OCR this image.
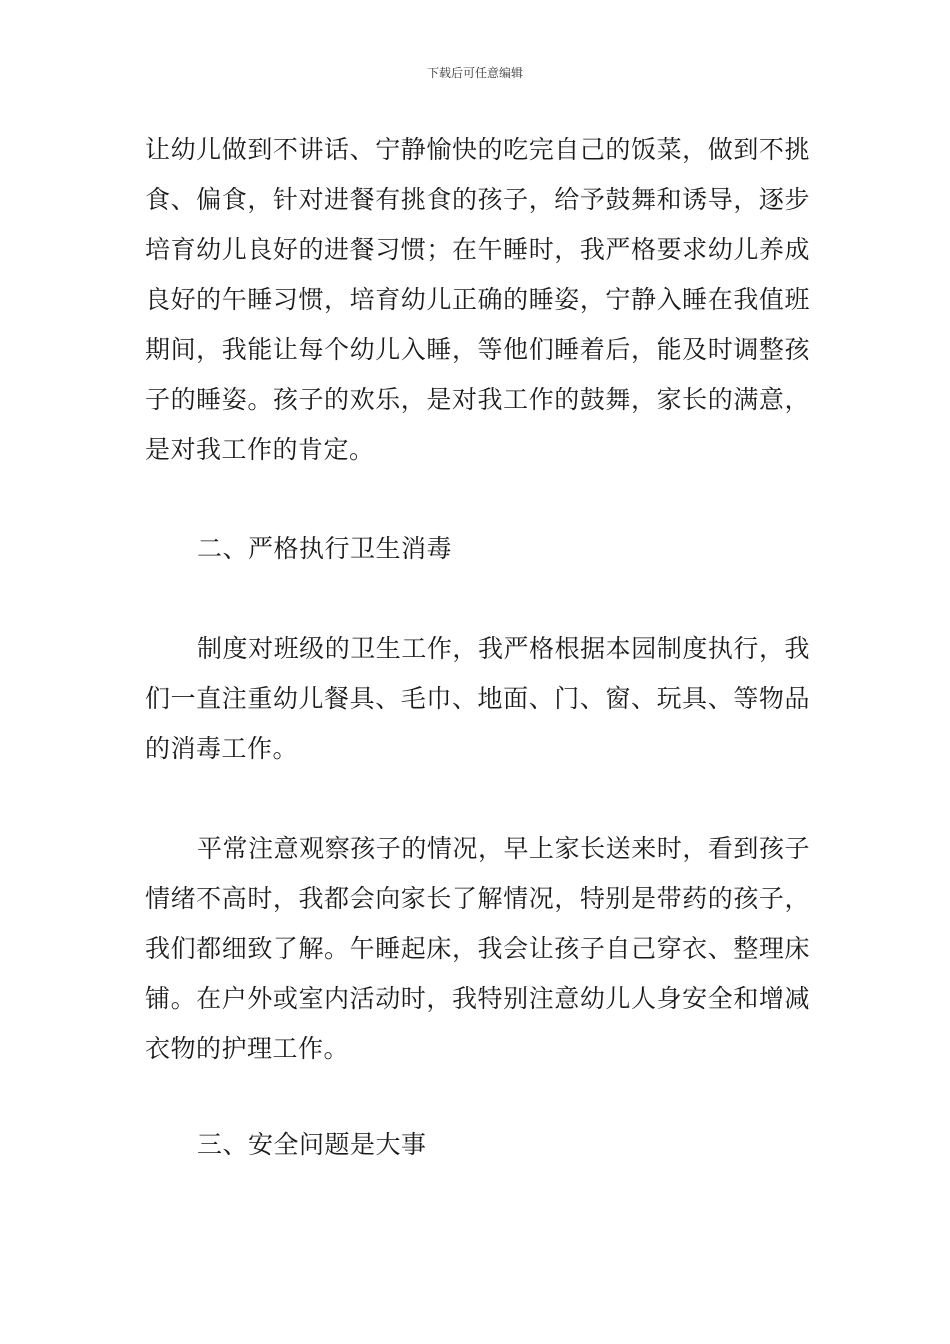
下载后可任意编辑

让幼儿做到不讲话、宁静愉快的吃完自己的饭菜，做到不挑食、偏食，针对进餐有挑食的孩子，给予鼓舞和诱导，逐步培育幼儿良好的进餐习惯；在午睡时，我严格要求幼儿养成良好的午睡习惯，培育幼儿正确的睡姿，宁静入睡在我值班期间，我能让每个幼儿入睡，等他们睡着后，能及时调整孩子的睡姿。孩子的欢乐，是对我工作的鼓舞，家长的满意，是对我工作的肯定。

二、严格执行卫生消毒

制度对班级的卫生工作，我严格根据本园制度执行，我们一直注重幼儿餐具、毛巾、地面、门、窗、玩具、等物品的消毒工作。

平常注意观察孩子的情况，早上家长送来时，看到孩子情绪不高时，我都会向家长了解情况，特别是带药的孩子，我们都细致了解。午睡起床，我会让孩子自己穿衣、整理床铺。在户外或室内活动时，我特别注意幼儿人身安全和增减衣物的护理工作。

三、安全问题是大事
